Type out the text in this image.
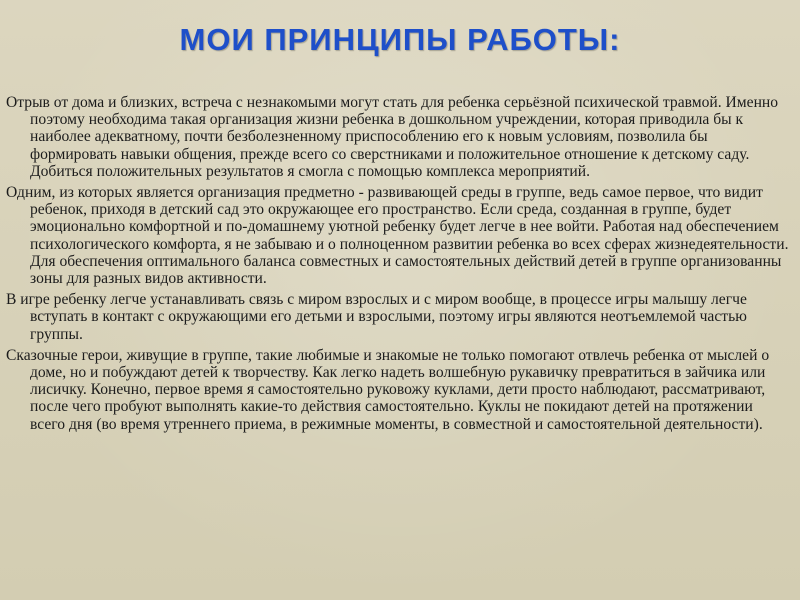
МОИ ПРИНЦИПЫ РАБОТЫ:

Отрыв от дома и близких, встреча с незнакомыми могут стать для ребенка серьёзной психической травмой. Именно поэтому необходима такая организация жизни ребенка в дошкольном учреждении, которая приводила бы к наиболее адекватному, почти безболезненному приспособлению его к новым условиям, позволила бы формировать навыки общения, прежде всего со сверстниками и положительное отношение к детскому саду. Добиться положительных результатов я смогла с помощью комплекса мероприятий.

Одним, из которых является организация предметно - развивающей среды в группе, ведь самое первое, что видит ребенок, приходя в детский сад это окружающее его пространство. Если среда, созданная в группе, будет эмоционально комфортной и по-домашнему уютной ребенку будет легче в нее войти. Работая над обеспечением психологического комфорта, я не забываю и о полноценном развитии ребенка во всех сферах жизнедеятельности. Для обеспечения оптимального баланса совместных и самостоятельных действий детей в группе организованны зоны для разных видов активности.

В игре ребенку легче устанавливать связь с миром взрослых и с миром вообще, в процессе игры малышу легче вступать в контакт с окружающими его детьми и взрослыми, поэтому игры являются неотъемлемой частью группы.

Сказочные герои, живущие в группе, такие любимые и знакомые не только помогают отвлечь ребенка от мыслей о доме, но и побуждают детей к творчеству. Как легко надеть волшебную рукавичку превратиться в зайчика или лисичку. Конечно, первое время я самостоятельно руковожу куклами, дети просто наблюдают, рассматривают, после чего пробуют выполнять какие-то действия самостоятельно. Куклы не покидают детей на протяжении всего дня (во время утреннего приема, в режимные моменты, в совместной и самостоятельной деятельности).
